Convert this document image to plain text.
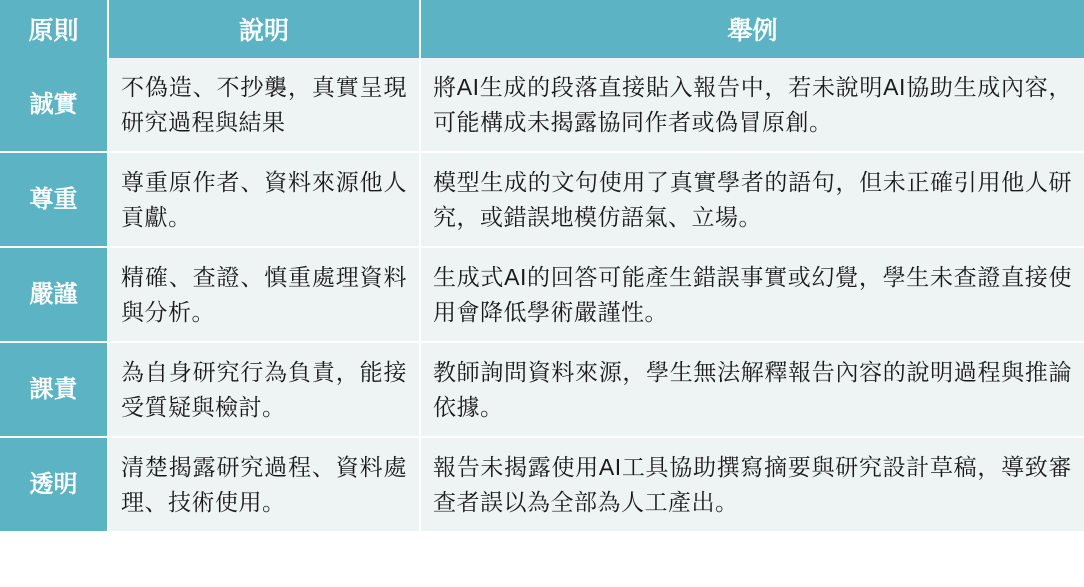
原則	說明	舉例
誠實	不偽造、不抄襲，真實呈現研究過程與結果	將AI生成的段落直接貼入報告中，若未說明AI協助生成內容，可能構成未揭露協同作者或偽冒原創。
尊重	尊重原作者、資料來源他人貢獻。	模型生成的文句使用了真實學者的語句，但未正確引用他人研究，或錯誤地模仿語氣、立場。
嚴謹	精確、查證、慎重處理資料與分析。	生成式AI的回答可能產生錯誤事實或幻覺，學生未查證直接使用會降低學術嚴謹性。
課責	為自身研究行為負責，能接受質疑與檢討。	教師詢問資料來源，學生無法解釋報告內容的說明過程與推論依據。
透明	清楚揭露研究過程、資料處理、技術使用。	報告未揭露使用AI工具協助撰寫摘要與研究設計草稿，導致審查者誤以為全部為人工產出。
